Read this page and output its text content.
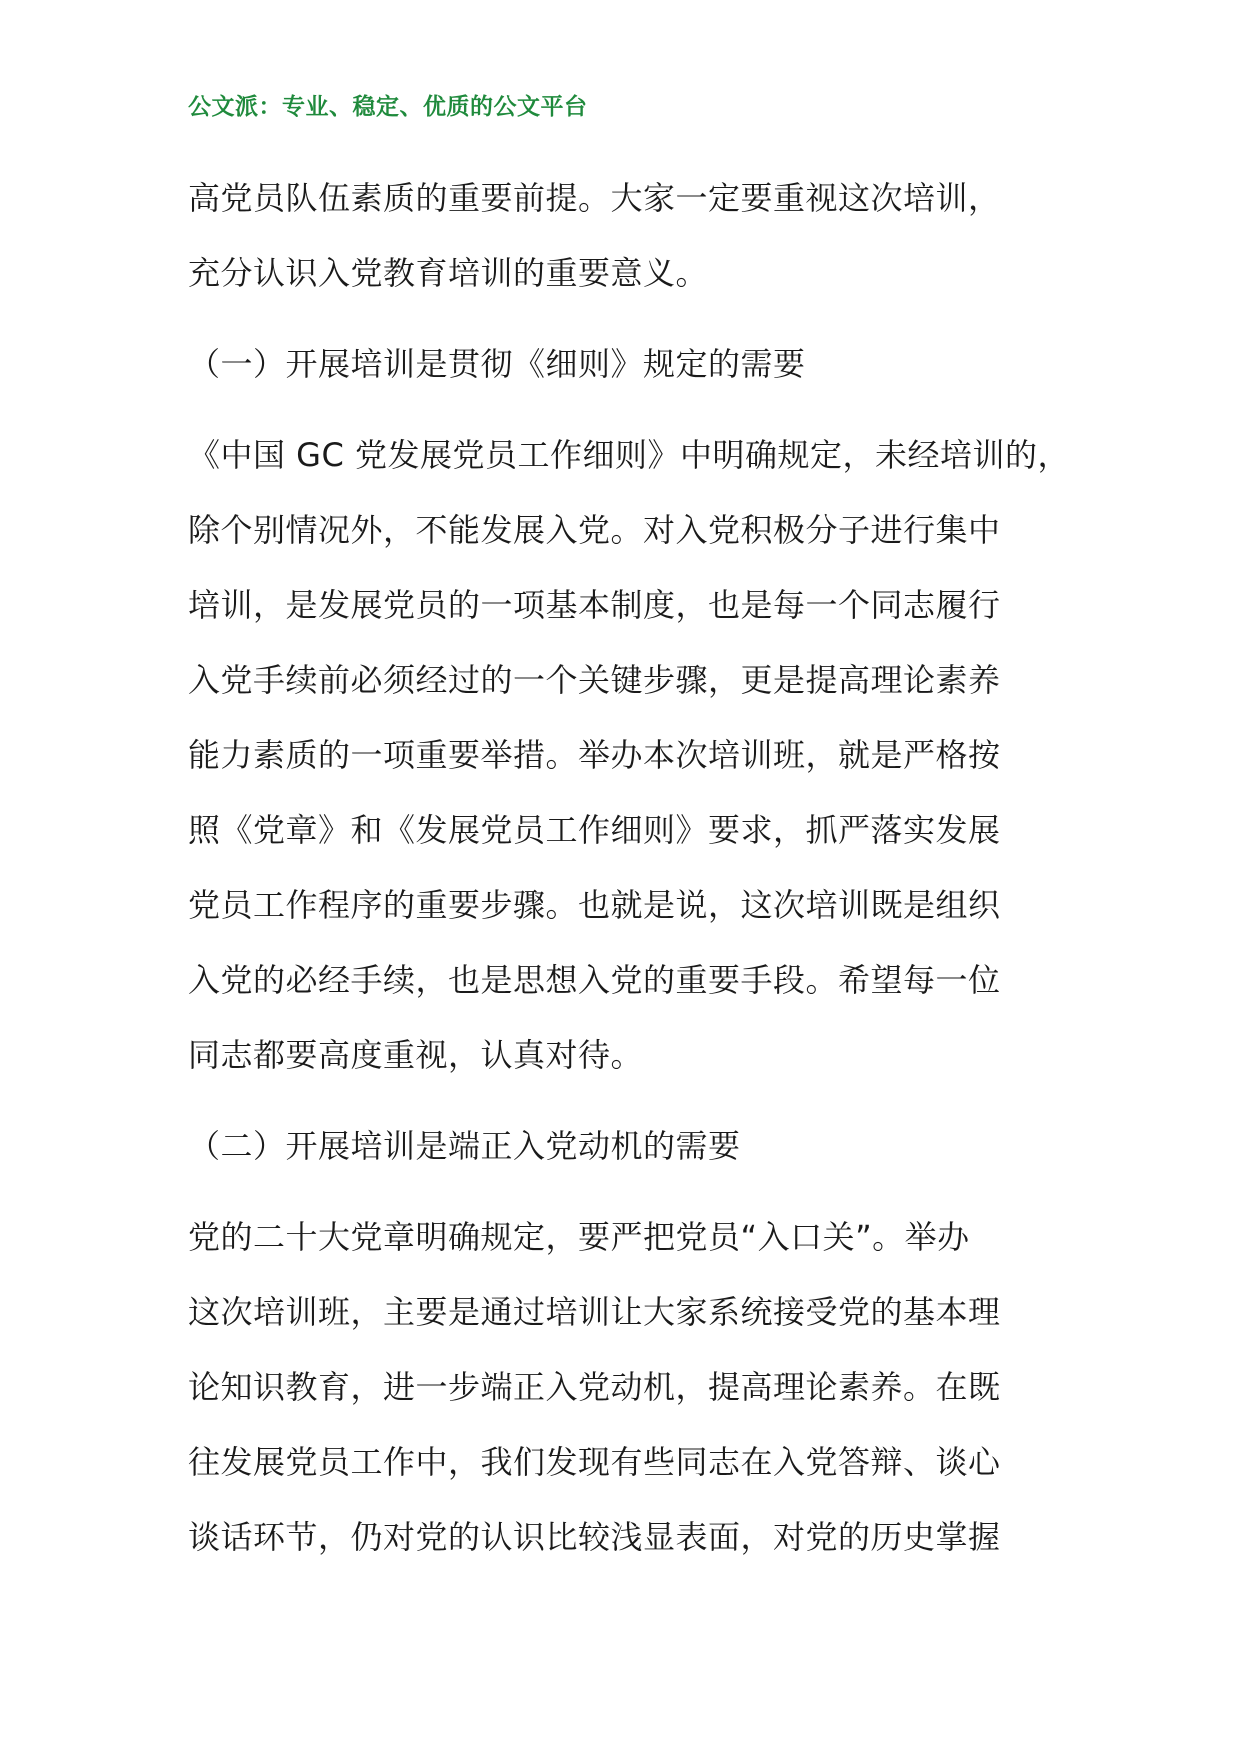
公文派：专业、稳定、优质的公文平台
高党员队伍素质的重要前提。大家一定要重视这次培训，
充分认识入党教育培训的重要意义。
（一）开展培训是贯彻《细则》规定的需要
《中国 GC 党发展党员工作细则》中明确规定，未经培训的，
除个别情况外，不能发展入党。对入党积极分子进行集中
培训，是发展党员的一项基本制度，也是每一个同志履行
入党手续前必须经过的一个关键步骤，更是提高理论素养
能力素质的一项重要举措。举办本次培训班，就是严格按
照《党章》和《发展党员工作细则》要求，抓严落实发展
党员工作程序的重要步骤。也就是说，这次培训既是组织
入党的必经手续，也是思想入党的重要手段。希望每一位
同志都要高度重视，认真对待。
（二）开展培训是端正入党动机的需要
党的二十大党章明确规定，要严把党员“入口关”。举办
这次培训班，主要是通过培训让大家系统接受党的基本理
论知识教育，进一步端正入党动机，提高理论素养。在既
往发展党员工作中，我们发现有些同志在入党答辩、谈心
谈话环节，仍对党的认识比较浅显表面，对党的历史掌握
